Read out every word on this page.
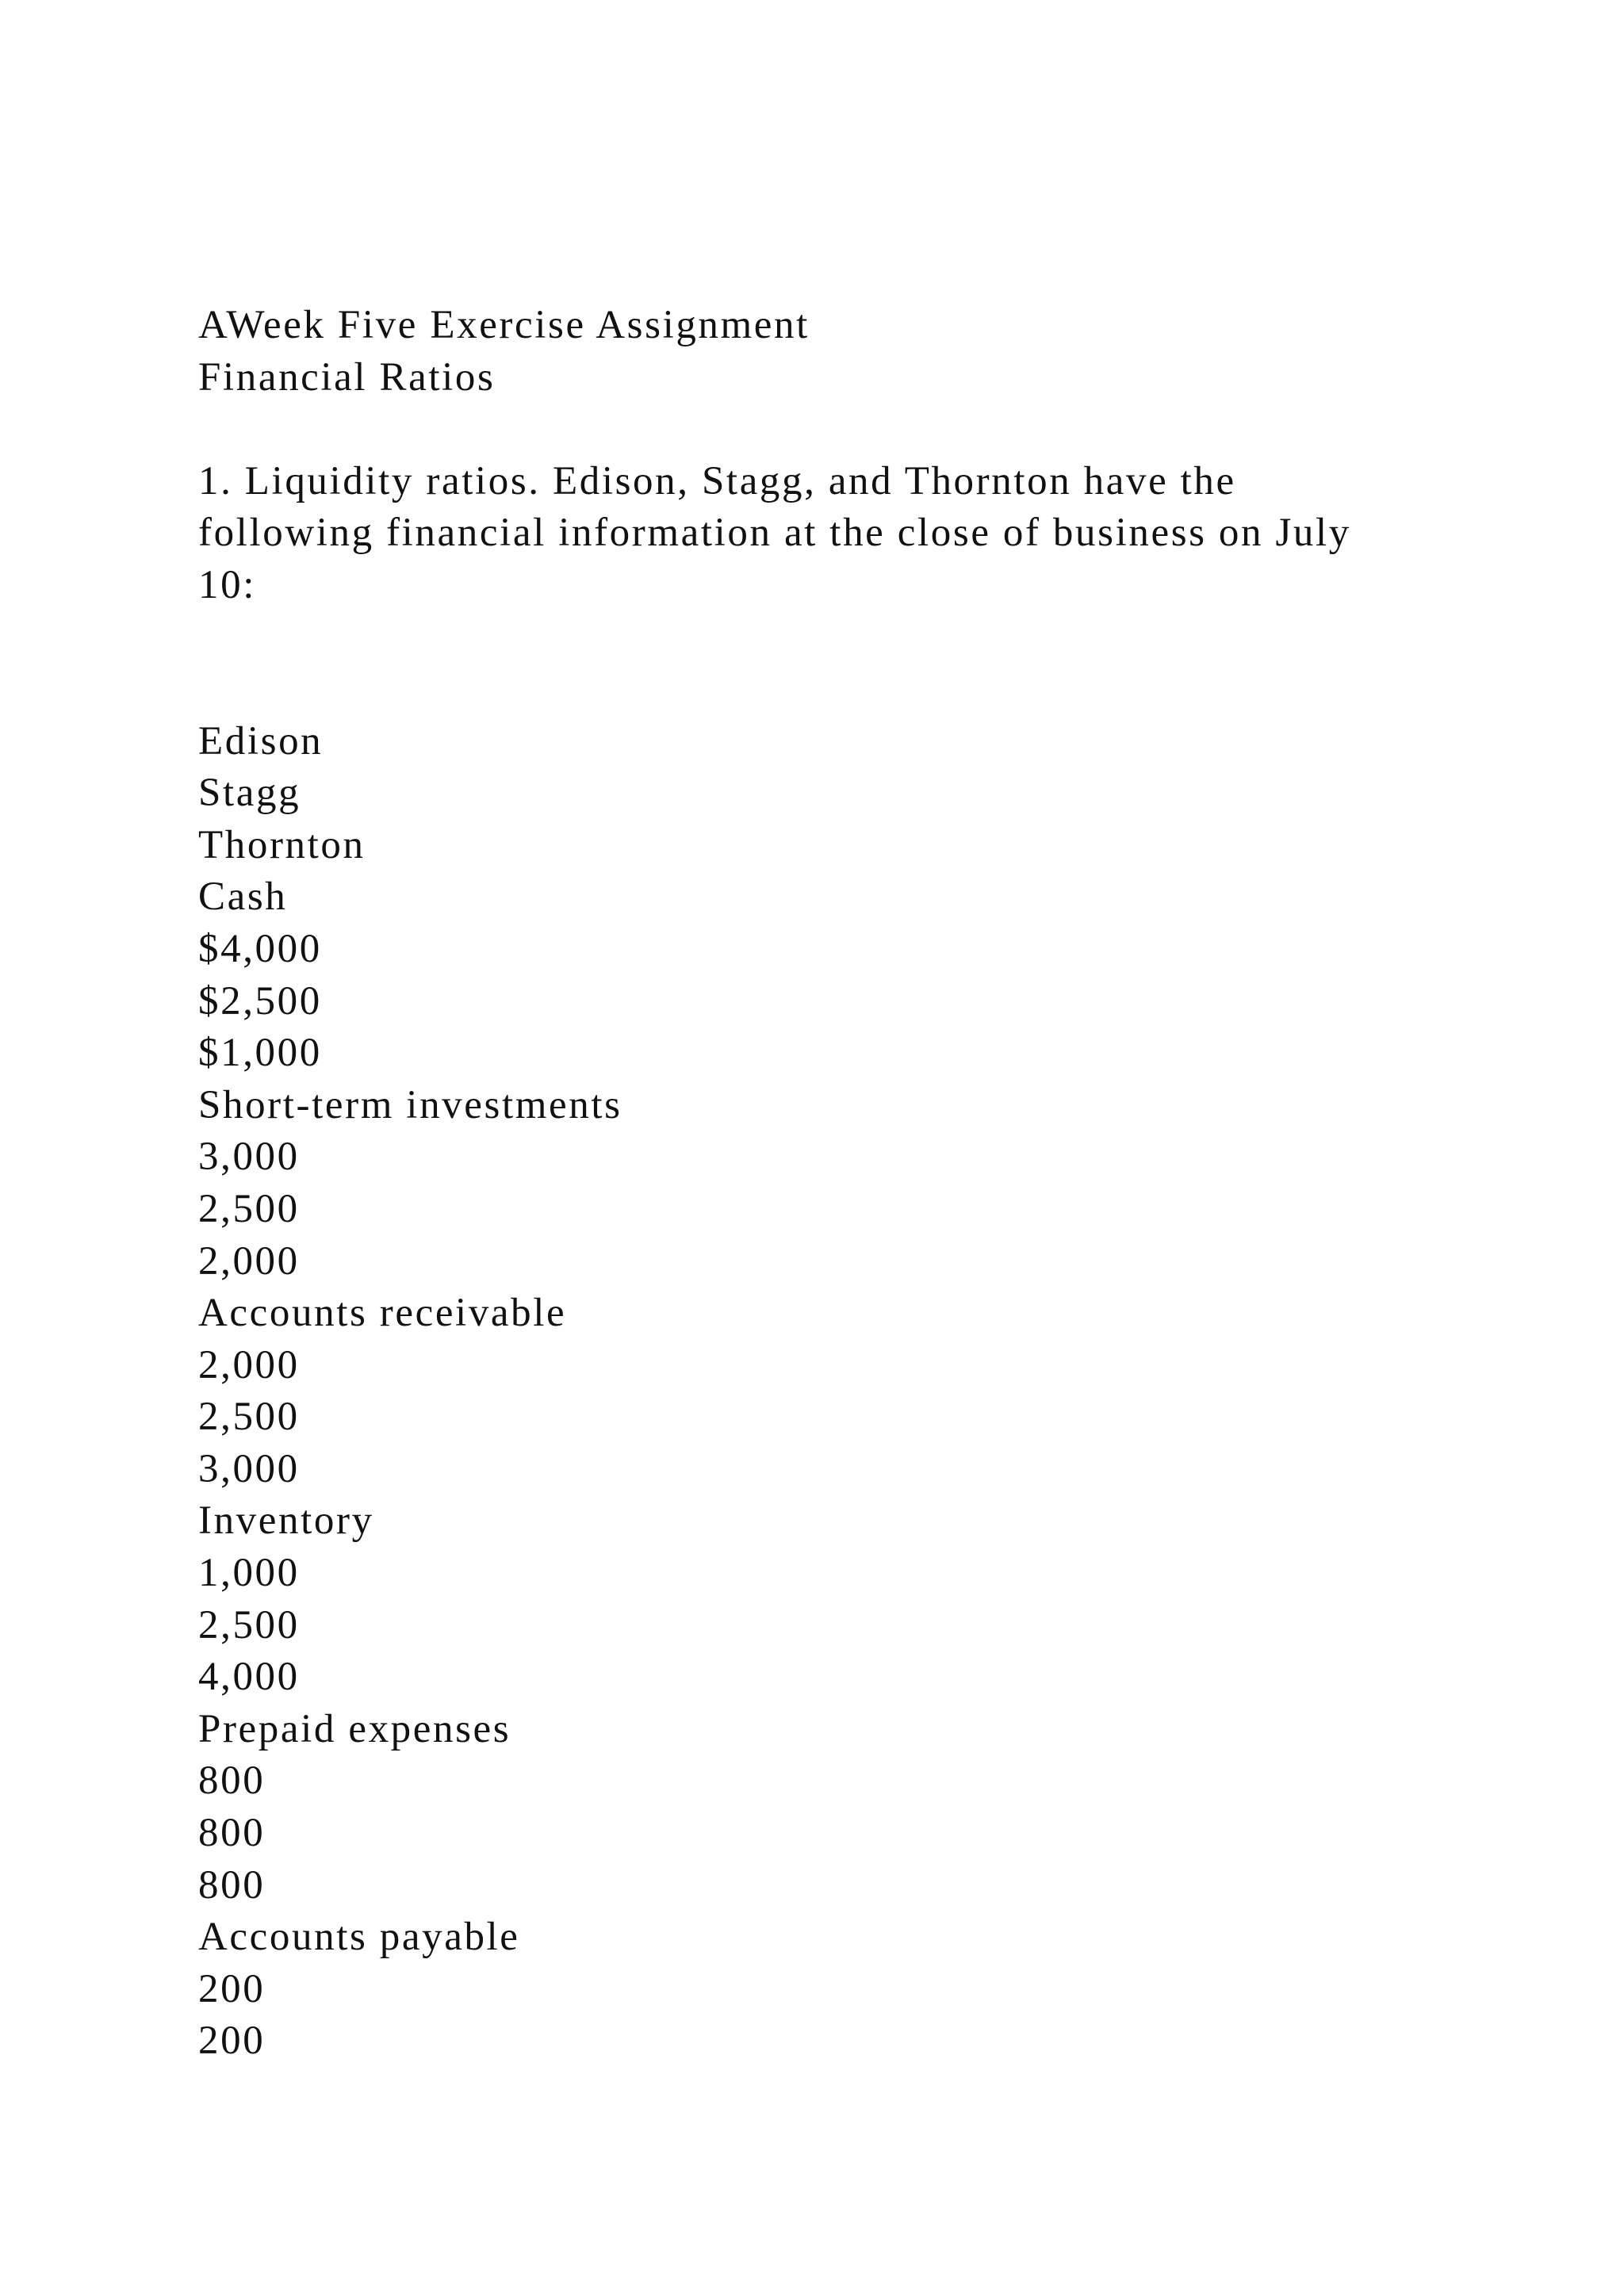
AWeek Five Exercise Assignment
Financial Ratios
1. Liquidity ratios. Edison, Stagg, and Thornton have the
following financial information at the close of business on July
10:
Edison
Stagg
Thornton
Cash
$4,000
$2,500
$1,000
Short-term investments
3,000
2,500
2,000
Accounts receivable
2,000
2,500
3,000
Inventory
1,000
2,500
4,000
Prepaid expenses
800
800
800
Accounts payable
200
200
